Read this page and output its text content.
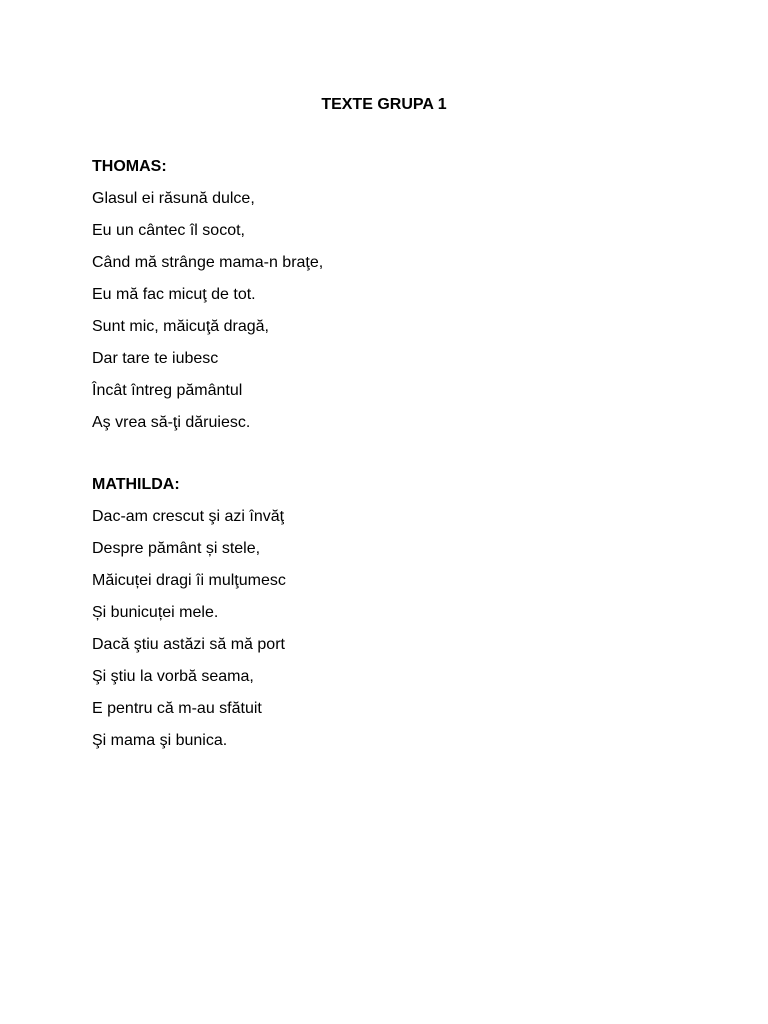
TEXTE GRUPA 1
THOMAS:
Glasul ei răsună dulce,
Eu un cântec îl socot,
Când mă strânge mama-n braţe,
Eu mă fac micuţ de tot.
Sunt mic, măicuţă dragă,
Dar tare te iubesc
Încât întreg pământul
Aş vrea să-ţi dăruiesc.
MATHILDA:
Dac-am crescut şi azi învăţ
Despre pământ și stele,
Măicuței dragi îi mulţumesc
Și bunicuței mele.
Dacă ştiu astăzi să mă port
Şi ştiu la vorbă seama,
E pentru că m-au sfătuit
Şi mama şi bunica.
